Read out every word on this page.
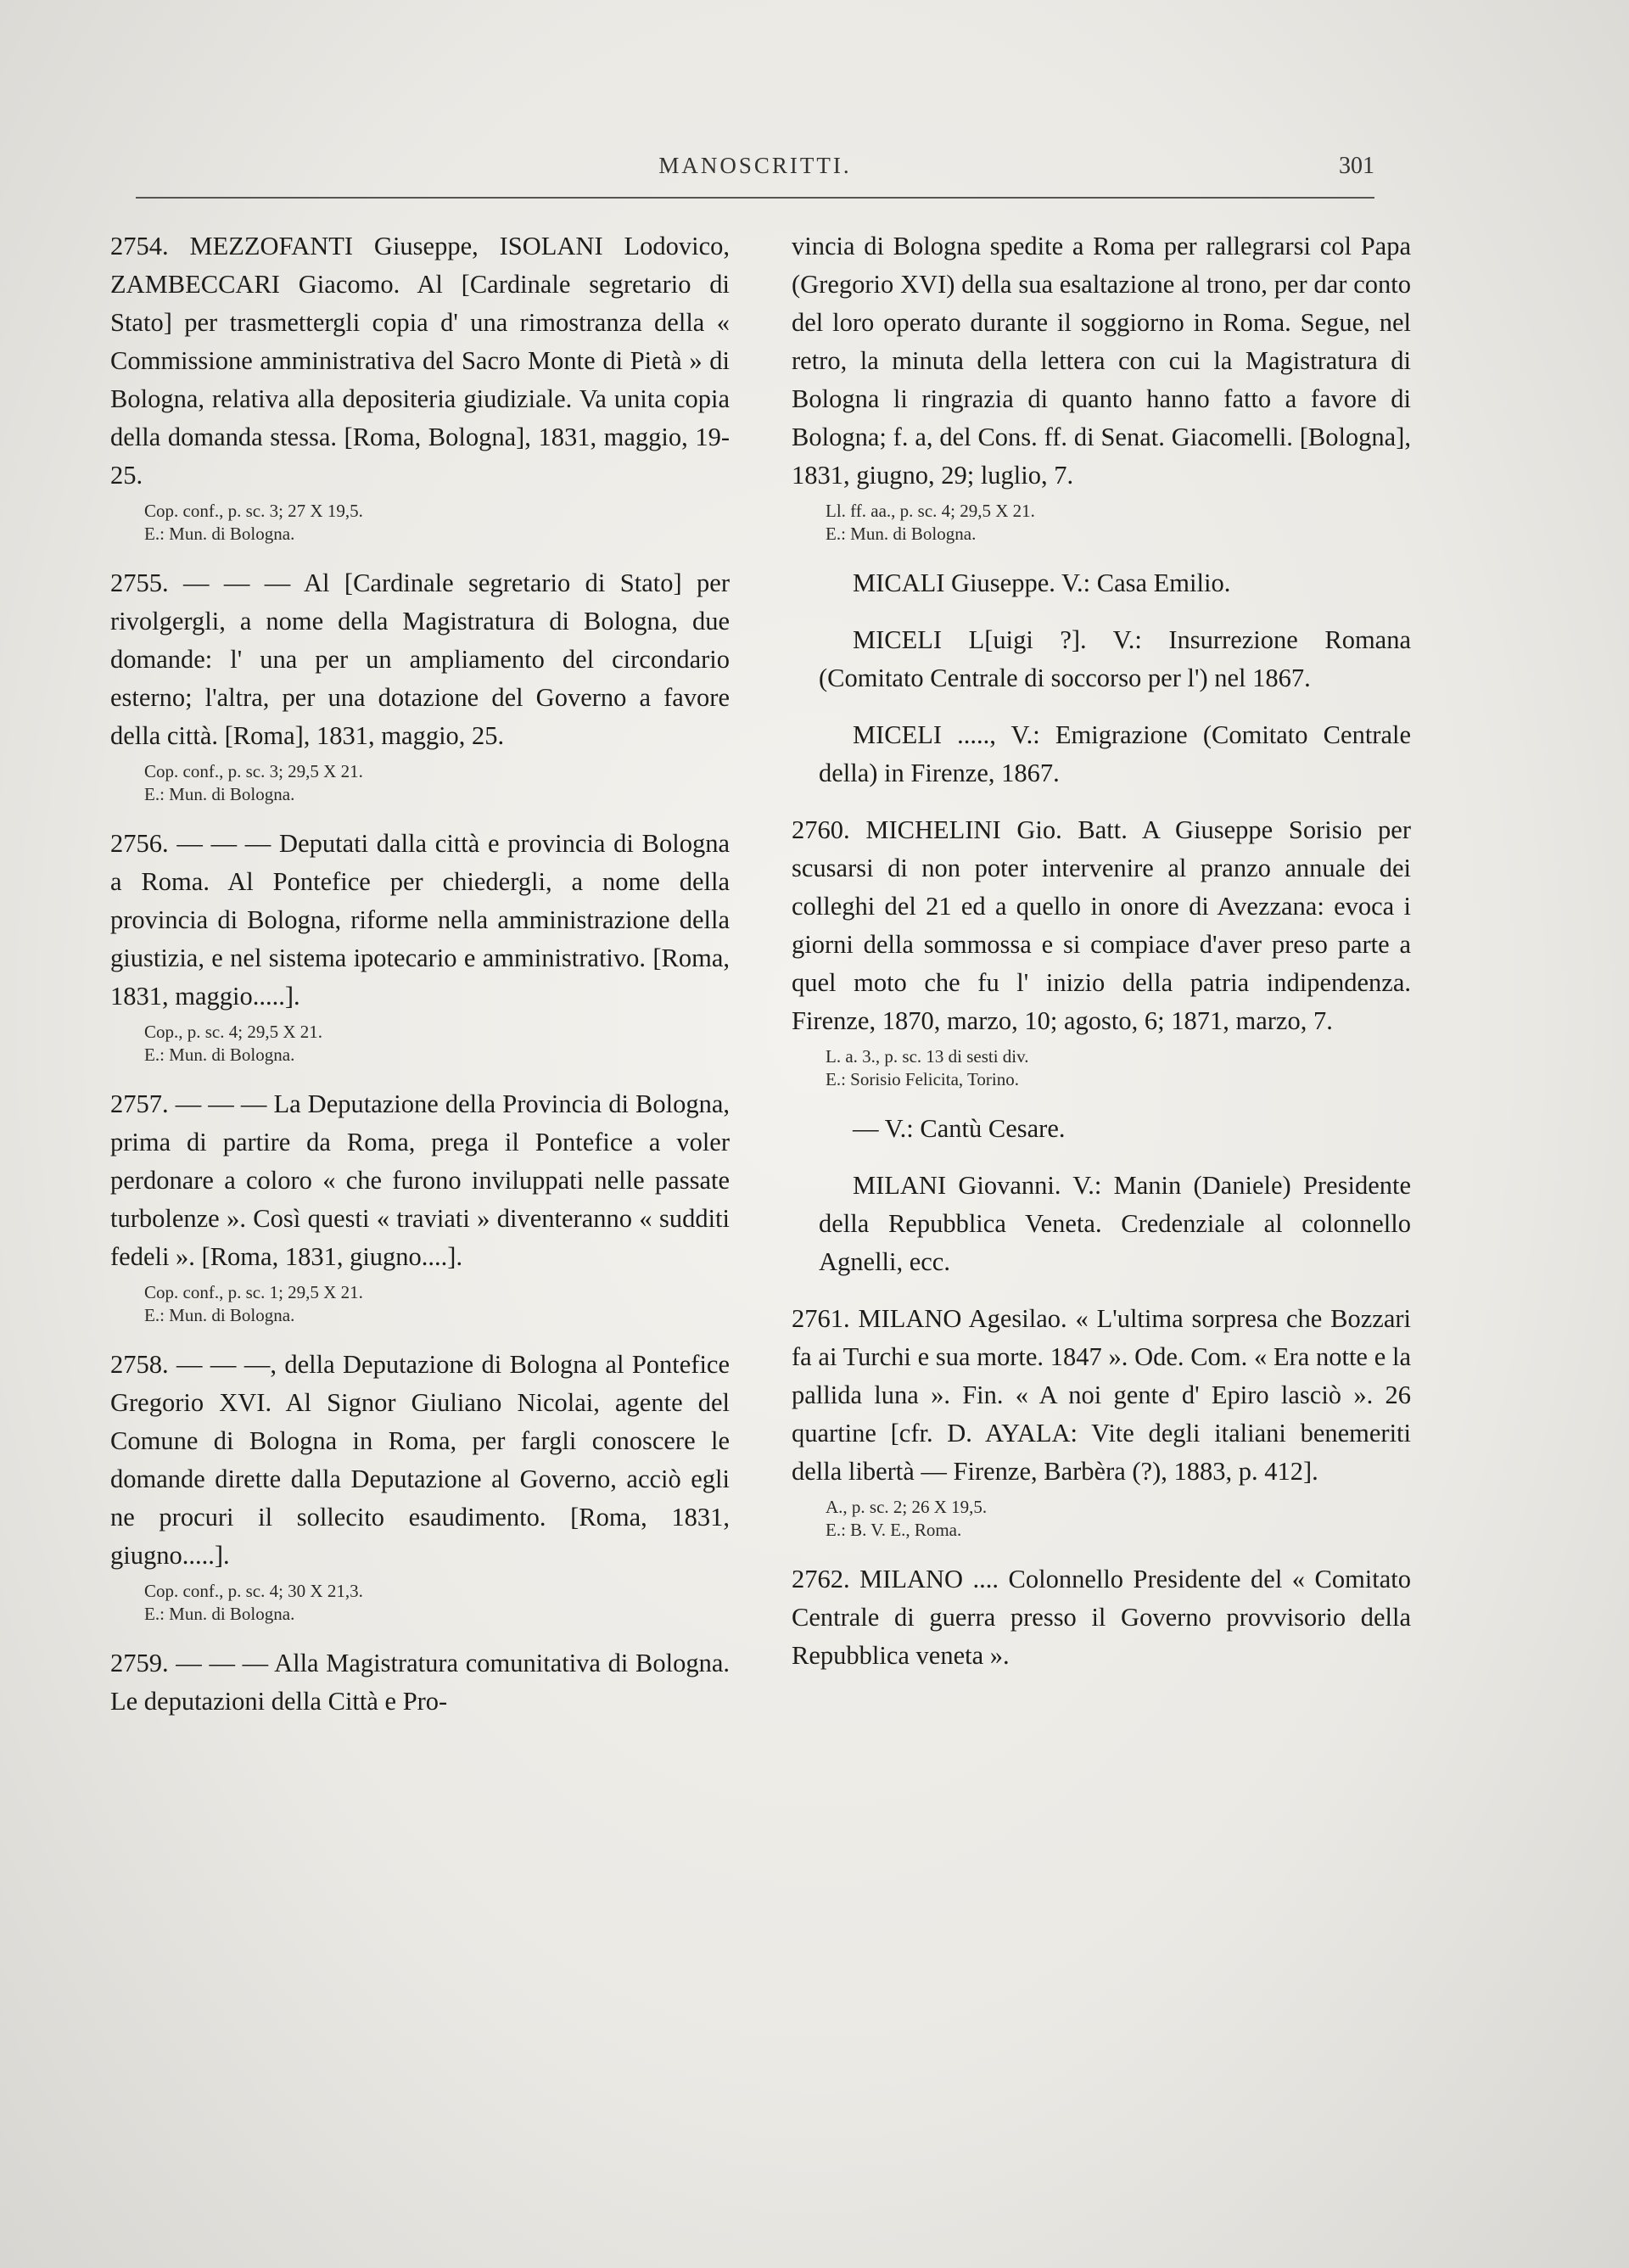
MANOSCRITTI.	301

2754. MEZZOFANTI Giuseppe, ISOLANI Lodovico, ZAMBECCARI Giacomo. Al [Cardinale segretario di Stato] per trasmettergli copia d' una rimostranza della « Commissione amministrativa del Sacro Monte di Pietà » di Bologna, relativa alla depositeria giudiziale. Va unita copia della domanda stessa. [Roma, Bologna], 1831, maggio, 19-25.

Cop. conf., p. sc. 3; 27 X 19,5.
E.: Mun. di Bologna.

2755. — — — Al [Cardinale segretario di Stato] per rivolgergli, a nome della Magistratura di Bologna, due domande: l' una per un ampliamento del circondario esterno; l'altra, per una dotazione del Governo a favore della città. [Roma], 1831, maggio, 25.

Cop. conf., p. sc. 3; 29,5 X 21.
E.: Mun. di Bologna.

2756. — — — Deputati dalla città e provincia di Bologna a Roma. Al Pontefice per chiedergli, a nome della provincia di Bologna, riforme nella amministrazione della giustizia, e nel sistema ipotecario e amministrativo. [Roma, 1831, maggio.....].

Cop., p. sc. 4; 29,5 X 21.
E.: Mun. di Bologna.

2757. — — — La Deputazione della Provincia di Bologna, prima di partire da Roma, prega il Pontefice a voler perdonare a coloro « che furono inviluppati nelle passate turbolenze ». Così questi « traviati » diventeranno « sudditi fedeli ». [Roma, 1831, giugno....].

Cop. conf., p. sc. 1; 29,5 X 21.
E.: Mun. di Bologna.

2758. — — —, della Deputazione di Bologna al Pontefice Gregorio XVI. Al Signor Giuliano Nicolai, agente del Comune di Bologna in Roma, per fargli conoscere le domande dirette dalla Deputazione al Governo, acciò egli ne procuri il sollecito esaudimento. [Roma, 1831, giugno.....].

Cop. conf., p. sc. 4; 30 X 21,3.
E.: Mun. di Bologna.

2759. — — — Alla Magistratura comunitativa di Bologna. Le deputazioni della Città e Pro-

vincia di Bologna spedite a Roma per rallegrarsi col Papa (Gregorio XVI) della sua esaltazione al trono, per dar conto del loro operato durante il soggiorno in Roma. Segue, nel retro, la minuta della lettera con cui la Magistratura di Bologna li ringrazia di quanto hanno fatto a favore di Bologna; f. a, del Cons. ff. di Senat. Giacomelli. [Bologna], 1831, giugno, 29; luglio, 7.

Ll. ff. aa., p. sc. 4; 29,5 X 21.
E.: Mun. di Bologna.

MICALI Giuseppe. V.: Casa Emilio.

MICELI L[uigi ?]. V.: Insurrezione Romana (Comitato Centrale di soccorso per l') nel 1867.

MICELI ....., V.: Emigrazione (Comitato Centrale della) in Firenze, 1867.

2760. MICHELINI Gio. Batt. A Giuseppe Sorisio per scusarsi di non poter intervenire al pranzo annuale dei colleghi del 21 ed a quello in onore di Avezzana: evoca i giorni della sommossa e si compiace d'aver preso parte a quel moto che fu l' inizio della patria indipendenza. Firenze, 1870, marzo, 10; agosto, 6; 1871, marzo, 7.

L. a. 3., p. sc. 13 di sesti div.
E.: Sorisio Felicita, Torino.

— V.: Cantù Cesare.

MILANI Giovanni. V.: Manin (Daniele) Presidente della Repubblica Veneta. Credenziale al colonnello Agnelli, ecc.

2761. MILANO Agesilao. « L'ultima sorpresa che Bozzari fa ai Turchi e sua morte. 1847 ». Ode. Com. « Era notte e la pallida luna ». Fin. « A noi gente d' Epiro lasciò ». 26 quartine [cfr. D. AYALA: Vite degli italiani benemeriti della libertà — Firenze, Barbèra (?), 1883, p. 412].

A., p. sc. 2; 26 X 19,5.
E.: B. V. E., Roma.

2762. MILANO .... Colonnello Presidente del « Comitato Centrale di guerra presso il Governo provvisorio della Repubblica veneta ».
